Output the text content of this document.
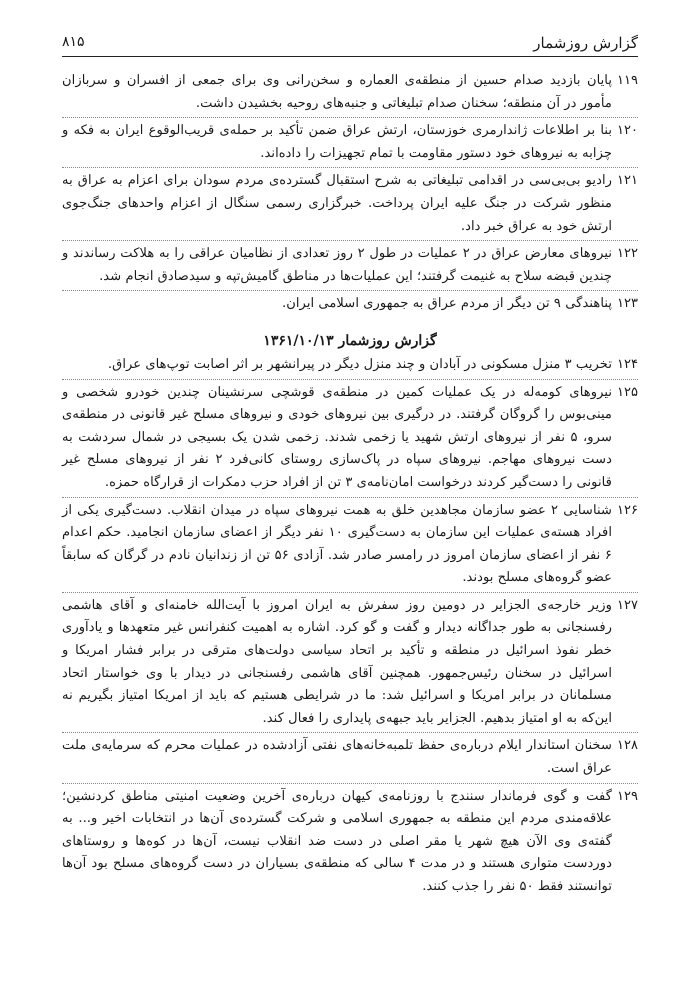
گزارش روزشمار
۸۱۵
۱۱۹
پایان بازدید صدام حسین از منطقه‌ی العماره و سخن‌رانی وی برای جمعی از افسران و سربازان مأمور در آن منطقه؛ سخنان صدام تبلیغاتی و جنبه‌های روحیه بخشیدن داشت.
۱۲۰
بنا بر اطلاعات ژاندارمری خوزستان، ارتش عراق ضمن تأکید بر حمله‌ی قریب‌الوقوع ایران به فکه و چزابه به نیروهای خود دستور مقاومت با تمام تجهیزات را داده‌اند.
۱۲۱
رادیو بی‌بی‌سی در اقدامی تبلیغاتی به شرح استقبال گسترده‌ی مردم سودان برای اعزام به عراق به منظور شرکت در جنگ علیه ایران پرداخت. خبرگزاری رسمی سنگال از اعزام واحدهای جنگ‌جوی ارتش خود به عراق خبر داد.
۱۲۲
نیروهای معارض عراق در ۲ عملیات در طول ۲ روز تعدادی از نظامیان عراقی را به هلاکت رساندند و چندین قبضه سلاح به غنیمت گرفتند؛ این عملیات‌ها در مناطق گامیش‌تپه و سیدصادق انجام شد.
۱۲۳
پناهندگی ۹ تن دیگر از مردم عراق به جمهوری اسلامی ایران.
گزارش روزشمار ۱۳۶۱/۱۰/۱۳
۱۲۴
تخریب ۳ منزل مسکونی در آبادان و چند منزل دیگر در پیرانشهر بر اثر اصابت توپ‌های عراق.
۱۲۵
نیروهای کومه‌له در یک عملیات کمین در منطقه‌ی قوشچی سرنشینان چندین خودرو شخصی و مینی‌بوس را گروگان گرفتند. در درگیری بین نیروهای خودی و نیروهای مسلح غیر قانونی در منطقه‌ی سرو، ۵ نفر از نیروهای ارتش شهید یا زخمی شدند. زخمی شدن یک بسیجی در شمال سردشت به دست نیروهای مهاجم. نیروهای سپاه در پاک‌سازی روستای کانی‌فرد ۲ نفر از نیروهای مسلح غیر قانونی را دست‌گیر کردند درخواست امان‌نامه‌ی ۳ تن از افراد حزب دمکرات از قرارگاه حمزه.
۱۲۶
شناسایی ۲ عضو سازمان مجاهدین خلق به همت نیروهای سپاه در میدان انقلاب. دست‌گیری یکی از افراد هسته‌ی عملیات این سازمان به دست‌گیری ۱۰ نفر دیگر از اعضای سازمان انجامید. حکم اعدام ۶ نفر از اعضای سازمان امروز در رامسر صادر شد. آزادی ۵۶ تن از زندانیان نادم در گرگان که سابقاً عضو گروه‌های مسلح بودند.
۱۲۷
وزیر خارجه‌ی الجزایر در دومین روز سفرش به ایران امروز با آیت‌الله خامنه‌ای و آقای هاشمی رفسنجانی به طور جداگانه دیدار و گفت و گو کرد. اشاره به اهمیت کنفرانس غیر متعهدها و یادآوری خطر نفوذ اسرائیل در منطقه و تأکید بر اتحاد سیاسی دولت‌های مترقی در برابر فشار امریکا و اسرائیل در سخنان رئیس‌جمهور. همچنین آقای هاشمی رفسنجانی در دیدار با وی خواستار اتحاد مسلمانان در برابر امریکا و اسرائیل شد: ما در شرایطی هستیم که باید از امریکا امتیاز بگیریم نه این‌که به او امتیاز بدهیم. الجزایر باید جبهه‌ی پایداری را فعال کند.
۱۲۸
سخنان استاندار ایلام درباره‌ی حفظ تلمبه‌خانه‌های نفتی آزادشده در عملیات محرم که سرمایه‌ی ملت عراق است.
۱۲۹
گفت و گوی فرماندار سنندج با روزنامه‌ی کیهان درباره‌ی آخرین وضعیت امنیتی مناطق کردنشین؛ علاقه‌مندی مردم این منطقه به جمهوری اسلامی و شرکت گسترده‌ی آن‌ها در انتخابات اخیر و... به گفته‌ی وی الآن هیچ شهر یا مقر اصلی در دست ضد انقلاب نیست، آن‌ها در کوه‌ها و روستاهای دوردست متواری هستند و در مدت ۴ سالی که منطقه‌ی بسیاران در دست گروه‌های مسلح بود آن‌ها توانستند فقط ۵۰ نفر را جذب کنند.
